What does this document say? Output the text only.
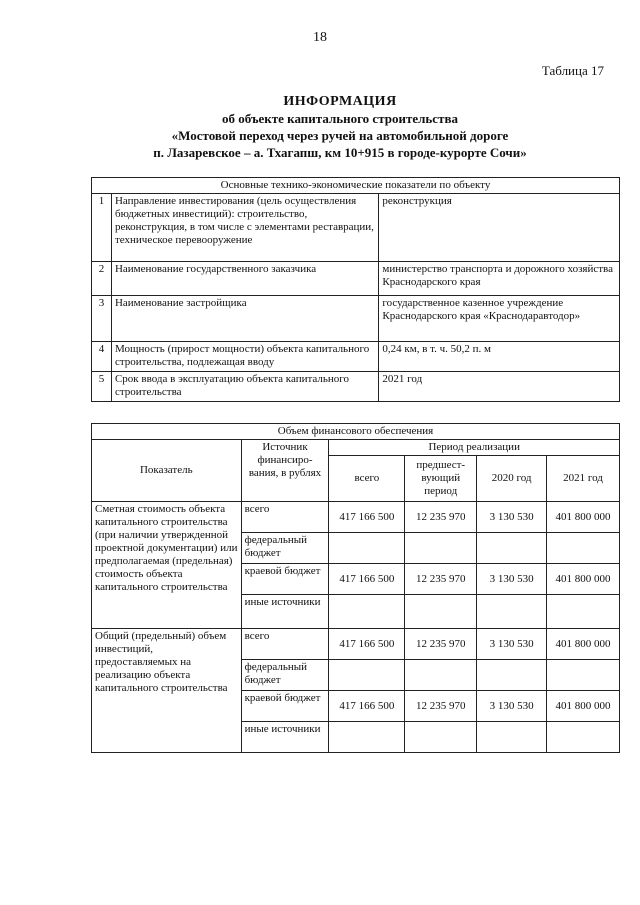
18
Таблица 17
ИНФОРМАЦИЯ
об объекте капитального строительства
«Мостовой переход через ручей на автомобильной дороге
п. Лазаревское – а. Тхагапш, км 10+915 в городе-курорте Сочи»
Основные технико-экономические показатели по объекту		
1	Направление инвестирования (цель осуществления бюджетных инвестиций): строительство, реконструкция, в том числе с элементами реставрации, техническое перевооружение	реконструкция
2	Наименование государственного заказчика	министерство транспорта и дорожного хозяйства Краснодарского края
3	Наименование застройщика	государственное казенное учреждение Краснодарского края «Краснодаравтодор»
4	Мощность (прирост мощности) объекта капитального строительства, подлежащая вводу	0,24 км, в т. ч. 50,2 п. м
5	Срок ввода в эксплуатацию объекта капитального строительства	2021 год
Объем финансового обеспечения					
Показатель	Источник финансиро-вания, в рублях	Период реализации			
		всего	предшест-вующий период	2020 год	2021 год
Сметная стоимость объекта капитального строительства (при наличии утвержденной проектной документации) или предполагаемая (предельная) стоимость объекта капитального строительства	всего	417 166 500	12 235 970	3 130 530	401 800 000
	федеральный бюджет				
	краевой бюджет	417 166 500	12 235 970	3 130 530	401 800 000
	иные источники				
Общий (предельный) объем инвестиций, предоставляемых на реализацию объекта капитального строительства	всего	417 166 500	12 235 970	3 130 530	401 800 000
	федеральный бюджет				
	краевой бюджет	417 166 500	12 235 970	3 130 530	401 800 000
	иные источники				
